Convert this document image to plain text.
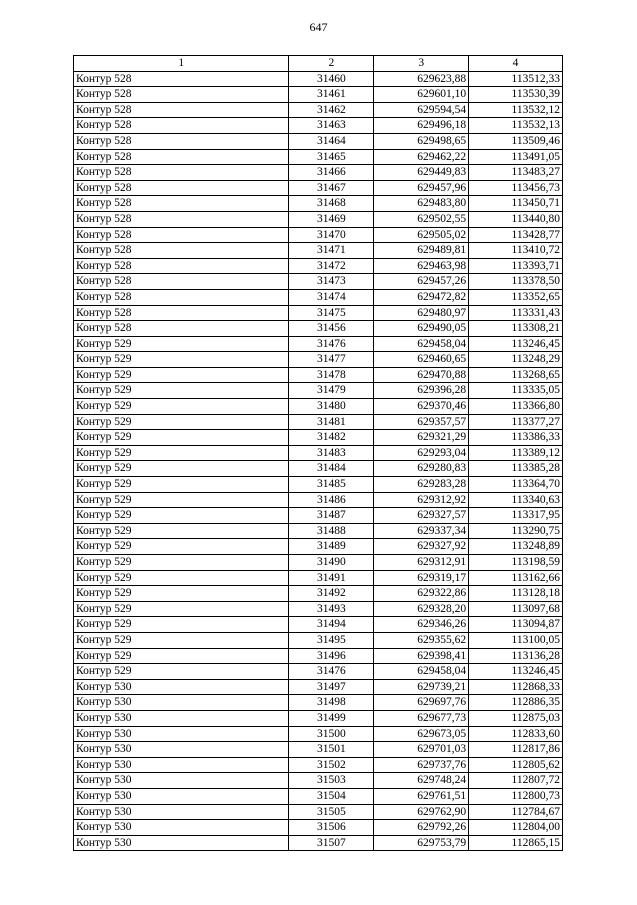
647
1	2	3	4
Контур 528	31460	629623,88	113512,33
Контур 528	31461	629601,10	113530,39
Контур 528	31462	629594,54	113532,12
Контур 528	31463	629496,18	113532,13
Контур 528	31464	629498,65	113509,46
Контур 528	31465	629462,22	113491,05
Контур 528	31466	629449,83	113483,27
Контур 528	31467	629457,96	113456,73
Контур 528	31468	629483,80	113450,71
Контур 528	31469	629502,55	113440,80
Контур 528	31470	629505,02	113428,77
Контур 528	31471	629489,81	113410,72
Контур 528	31472	629463,98	113393,71
Контур 528	31473	629457,26	113378,50
Контур 528	31474	629472,82	113352,65
Контур 528	31475	629480,97	113331,43
Контур 528	31456	629490,05	113308,21
Контур 529	31476	629458,04	113246,45
Контур 529	31477	629460,65	113248,29
Контур 529	31478	629470,88	113268,65
Контур 529	31479	629396,28	113335,05
Контур 529	31480	629370,46	113366,80
Контур 529	31481	629357,57	113377,27
Контур 529	31482	629321,29	113386,33
Контур 529	31483	629293,04	113389,12
Контур 529	31484	629280,83	113385,28
Контур 529	31485	629283,28	113364,70
Контур 529	31486	629312,92	113340,63
Контур 529	31487	629327,57	113317,95
Контур 529	31488	629337,34	113290,75
Контур 529	31489	629327,92	113248,89
Контур 529	31490	629312,91	113198,59
Контур 529	31491	629319,17	113162,66
Контур 529	31492	629322,86	113128,18
Контур 529	31493	629328,20	113097,68
Контур 529	31494	629346,26	113094,87
Контур 529	31495	629355,62	113100,05
Контур 529	31496	629398,41	113136,28
Контур 529	31476	629458,04	113246,45
Контур 530	31497	629739,21	112868,33
Контур 530	31498	629697,76	112886,35
Контур 530	31499	629677,73	112875,03
Контур 530	31500	629673,05	112833,60
Контур 530	31501	629701,03	112817,86
Контур 530	31502	629737,76	112805,62
Контур 530	31503	629748,24	112807,72
Контур 530	31504	629761,51	112800,73
Контур 530	31505	629762,90	112784,67
Контур 530	31506	629792,26	112804,00
Контур 530	31507	629753,79	112865,15
